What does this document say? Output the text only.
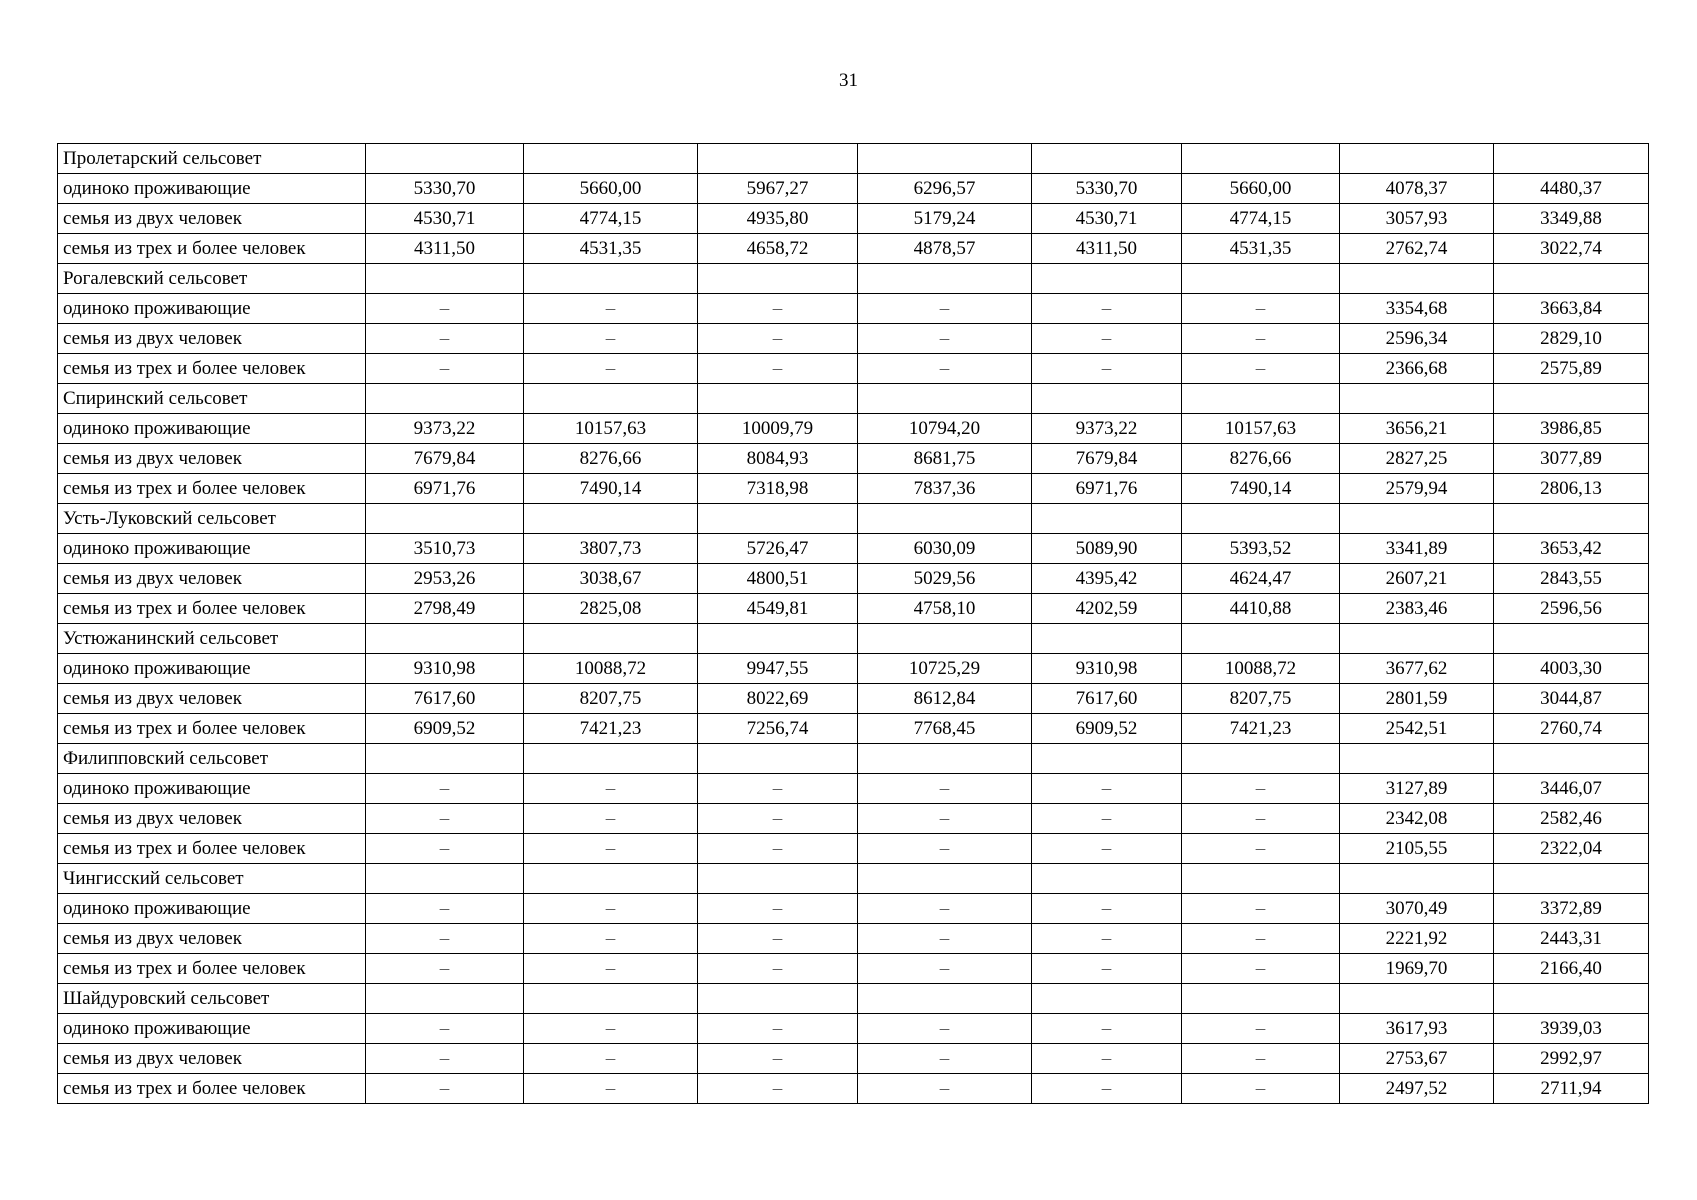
31
Пролетарский сельсовет								
одиноко проживающие	5330,70	5660,00	5967,27	6296,57	5330,70	5660,00	4078,37	4480,37
семья из двух человек	4530,71	4774,15	4935,80	5179,24	4530,71	4774,15	3057,93	3349,88
семья из трех и более человек	4311,50	4531,35	4658,72	4878,57	4311,50	4531,35	2762,74	3022,74
Рогалевский сельсовет								
одиноко проживающие	–	–	–	–	–	–	3354,68	3663,84
семья из двух человек	–	–	–	–	–	–	2596,34	2829,10
семья из трех и более человек	–	–	–	–	–	–	2366,68	2575,89
Спиринский сельсовет								
одиноко проживающие	9373,22	10157,63	10009,79	10794,20	9373,22	10157,63	3656,21	3986,85
семья из двух человек	7679,84	8276,66	8084,93	8681,75	7679,84	8276,66	2827,25	3077,89
семья из трех и более человек	6971,76	7490,14	7318,98	7837,36	6971,76	7490,14	2579,94	2806,13
Усть-Луковский сельсовет								
одиноко проживающие	3510,73	3807,73	5726,47	6030,09	5089,90	5393,52	3341,89	3653,42
семья из двух человек	2953,26	3038,67	4800,51	5029,56	4395,42	4624,47	2607,21	2843,55
семья из трех и более человек	2798,49	2825,08	4549,81	4758,10	4202,59	4410,88	2383,46	2596,56
Устюжанинский сельсовет								
одиноко проживающие	9310,98	10088,72	9947,55	10725,29	9310,98	10088,72	3677,62	4003,30
семья из двух человек	7617,60	8207,75	8022,69	8612,84	7617,60	8207,75	2801,59	3044,87
семья из трех и более человек	6909,52	7421,23	7256,74	7768,45	6909,52	7421,23	2542,51	2760,74
Филипповский сельсовет								
одиноко проживающие	–	–	–	–	–	–	3127,89	3446,07
семья из двух человек	–	–	–	–	–	–	2342,08	2582,46
семья из трех и более человек	–	–	–	–	–	–	2105,55	2322,04
Чингисский сельсовет								
одиноко проживающие	–	–	–	–	–	–	3070,49	3372,89
семья из двух человек	–	–	–	–	–	–	2221,92	2443,31
семья из трех и более человек	–	–	–	–	–	–	1969,70	2166,40
Шайдуровский сельсовет								
одиноко проживающие	–	–	–	–	–	–	3617,93	3939,03
семья из двух человек	–	–	–	–	–	–	2753,67	2992,97
семья из трех и более человек	–	–	–	–	–	–	2497,52	2711,94
